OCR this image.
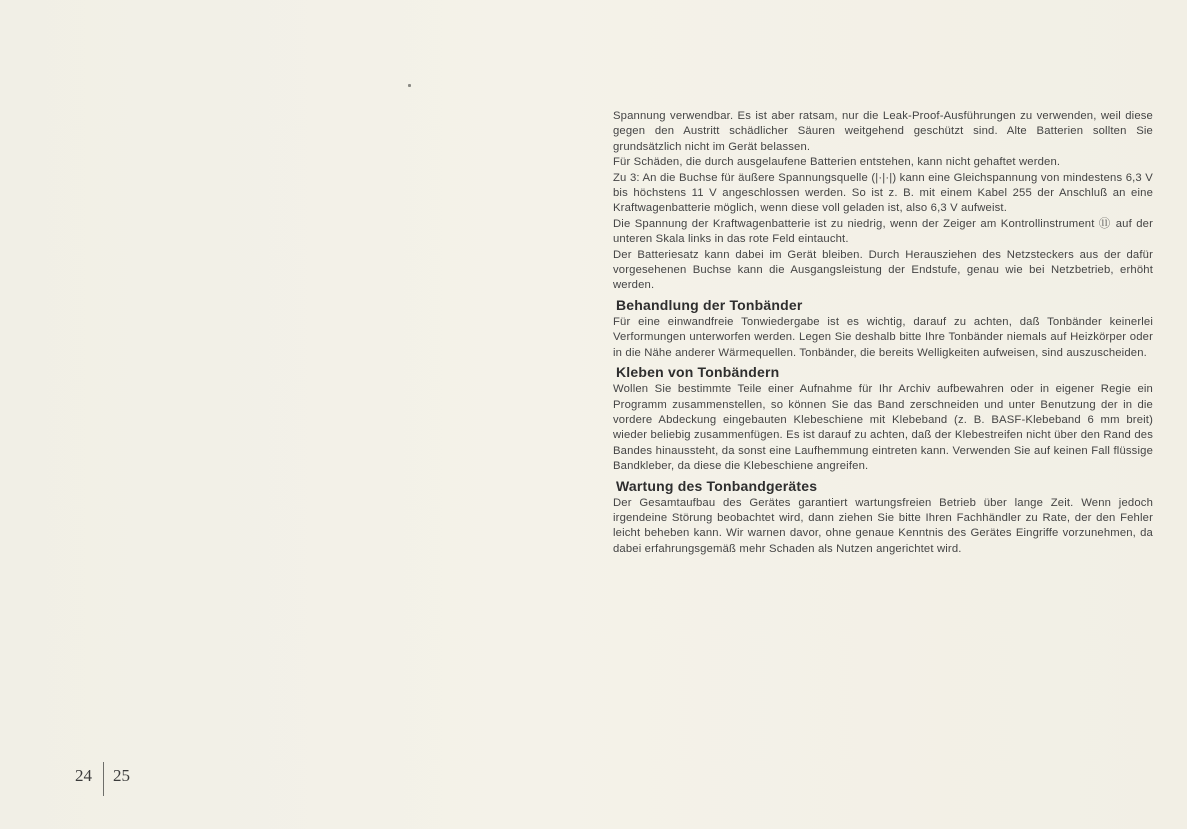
24 25

Spannung verwendbar. Es ist aber ratsam, nur die Leak-Proof-Ausführungen zu verwenden, weil diese gegen den Austritt schädlicher Säuren weitgehend geschützt sind. Alte Batterien sollten Sie grundsätzlich nicht im Gerät belassen.

Für Schäden, die durch ausgelaufene Batterien entstehen, kann nicht gehaftet werden.

Zu 3: An die Buchse für äußere Spannungsquelle (|·|·|) kann eine Gleichspannung von mindestens 6,3 V bis höchstens 11 V angeschlossen werden. So ist z. B. mit einem Kabel 255 der Anschluß an eine Kraftwagenbatterie möglich, wenn diese voll geladen ist, also 6,3 V aufweist.

Die Spannung der Kraftwagenbatterie ist zu niedrig, wenn der Zeiger am Kontrollinstrument ⑪ auf der unteren Skala links in das rote Feld eintaucht.

Der Batteriesatz kann dabei im Gerät bleiben. Durch Herausziehen des Netzsteckers aus der dafür vorgesehenen Buchse kann die Ausgangsleistung der Endstufe, genau wie bei Netzbetrieb, erhöht werden.

Behandlung der Tonbänder

Für eine einwandfreie Tonwiedergabe ist es wichtig, darauf zu achten, daß Tonbänder keinerlei Verformungen unterworfen werden. Legen Sie deshalb bitte Ihre Tonbänder niemals auf Heizkörper oder in die Nähe anderer Wärmequellen. Tonbänder, die bereits Welligkeiten aufweisen, sind auszuscheiden.

Kleben von Tonbändern

Wollen Sie bestimmte Teile einer Aufnahme für Ihr Archiv aufbewahren oder in eigener Regie ein Programm zusammenstellen, so können Sie das Band zerschneiden und unter Benutzung der in die vordere Abdeckung eingebauten Klebeschiene mit Klebeband (z. B. BASF-Klebeband 6 mm breit) wieder beliebig zusammenfügen. Es ist darauf zu achten, daß der Klebestreifen nicht über den Rand des Bandes hinaussteht, da sonst eine Laufhemmung eintreten kann. Verwenden Sie auf keinen Fall flüssige Bandkleber, da diese die Klebeschiene angreifen.

Wartung des Tonbandgerätes

Der Gesamtaufbau des Gerätes garantiert wartungsfreien Betrieb über lange Zeit. Wenn jedoch irgendeine Störung beobachtet wird, dann ziehen Sie bitte Ihren Fachhändler zu Rate, der den Fehler leicht beheben kann. Wir warnen davor, ohne genaue Kenntnis des Gerätes Eingriffe vorzunehmen, da dabei erfahrungsgemäß mehr Schaden als Nutzen angerichtet wird.
